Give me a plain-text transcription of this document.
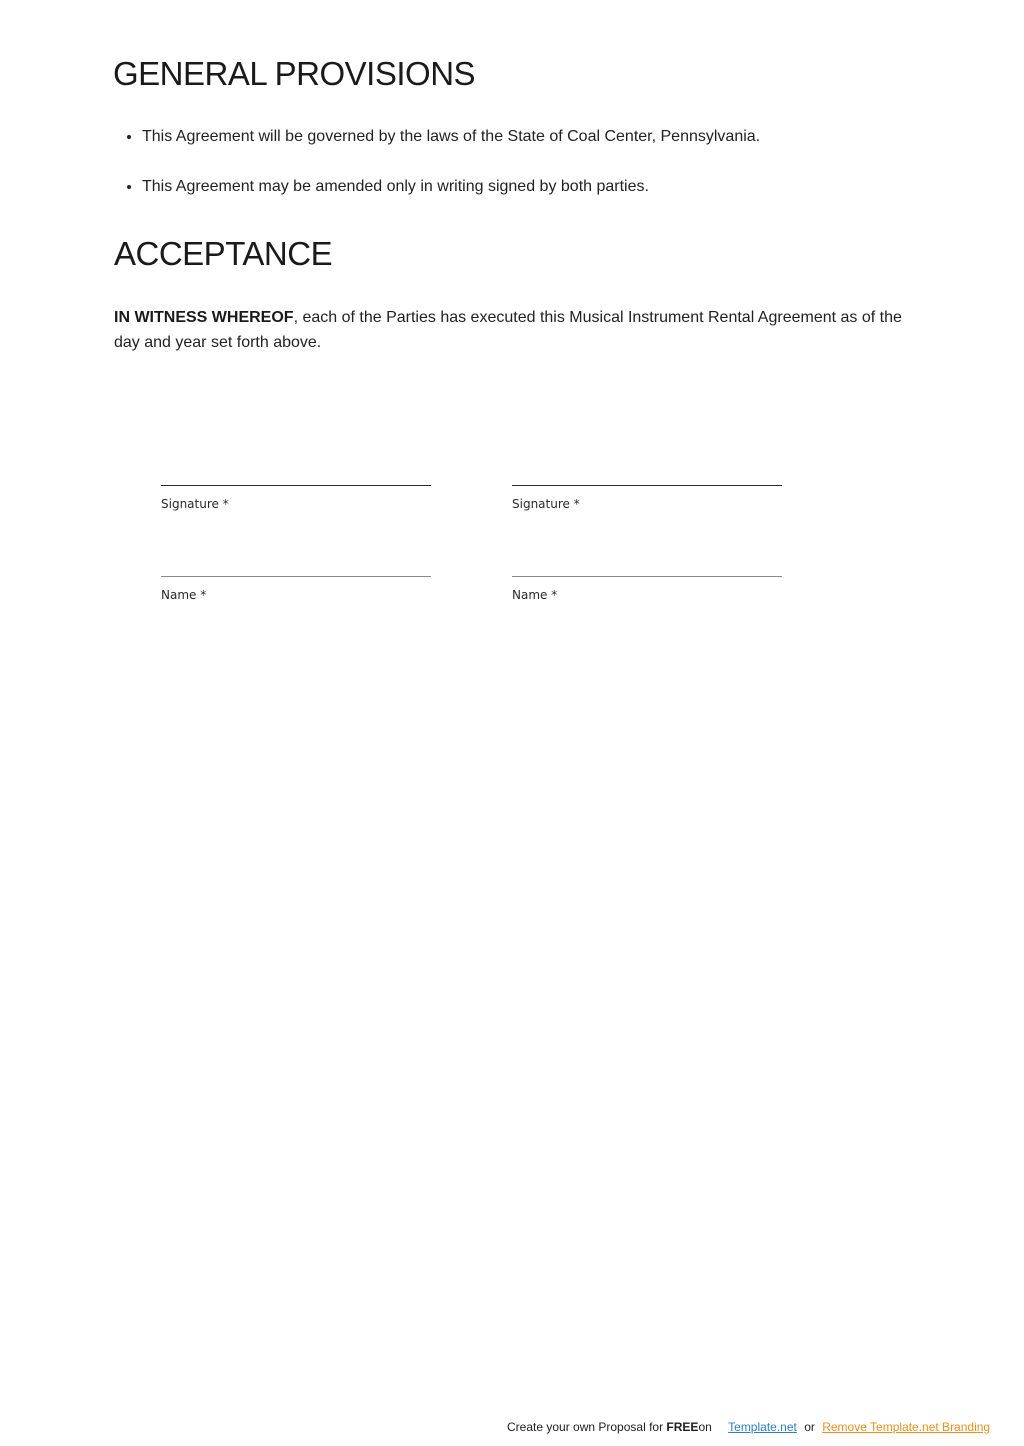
GENERAL PROVISIONS
• This Agreement will be governed by the laws of the State of Coal Center, Pennsylvania.
• This Agreement may be amended only in writing signed by both parties.
ACCEPTANCE

IN WITNESS WHEREOF, each of the Parties has executed this Musical Instrument Rental Agreement as of the day and year set forth above.

Signature *
Name *
Signature *
Name *
Create your own Proposal for FREEon Template.net or Remove Template.net Branding
